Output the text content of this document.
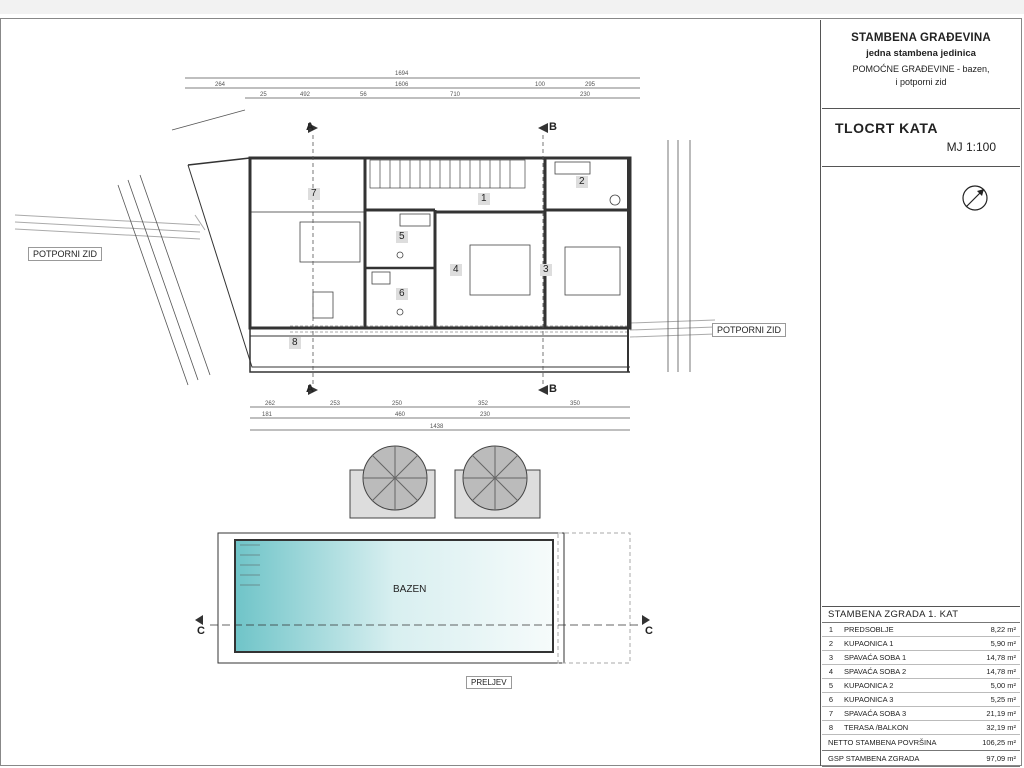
1694
1606
264
492	56	710
100	295
230
25
262	253	250	352	350
181	460	230
1438
POTPORNI ZID
POTPORNI ZID
BAZEN
PRELJEV
A
A
B
B
C	C
1
2
3
4
5
6
7
8
STAMBENA GRAĐEVINA
jedna stambena jedinica
POMOĆNE GRAĐEVINE - bazen,
i potporni zid
TLOCRT KATA
MJ 1:100
STAMBENA ZGRADA 1. KAT
1	PREDSOBLJE	8,22 m²
2	KUPAONICA 1	5,90 m²
3	SPAVAĆA SOBA 1	14,78 m²
4	SPAVAĆA SOBA 2	14,78 m²
5	KUPAONICA 2	5,00 m²
6	KUPAONICA 3	5,25 m²
7	SPAVAĆA SOBA 3	21,19 m²
8	TERASA /BALKON	32,19 m²
NETTO STAMBENA POVRŠINA	106,25 m²
GSP STAMBENA ZGRADA	97,09 m²
